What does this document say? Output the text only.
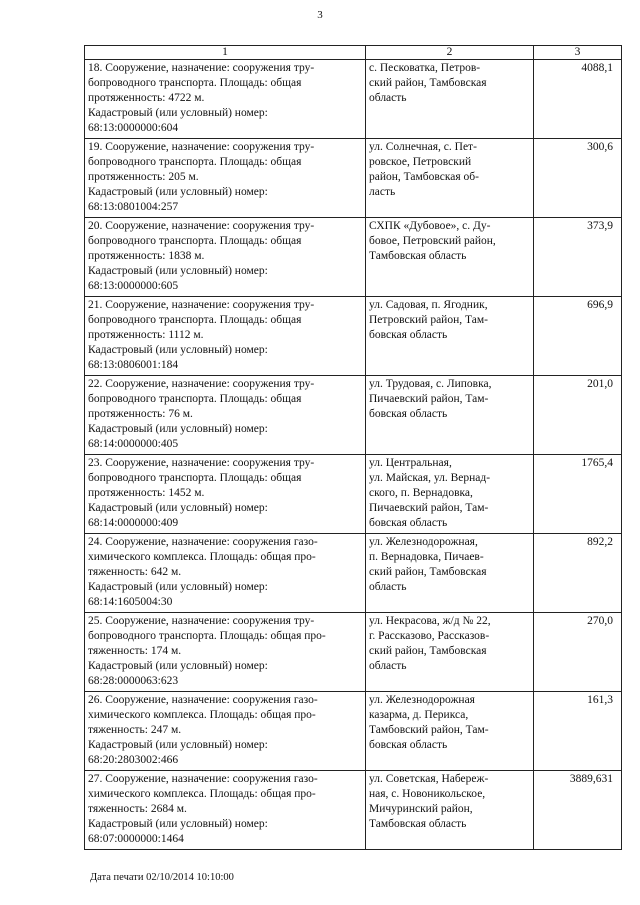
3
1	2	3

18. Сооружение, назначение: сооружения тру-
бопроводного транспорта. Площадь: общая
протяженность: 4722 м.
Кадастровый (или условный) номер:
68:13:0000000:604	с. Песковатка, Петров-
ский район, Тамбовская
область	4088,1

19. Сооружение, назначение: сооружения тру-
бопроводного транспорта. Площадь: общая
протяженность: 205 м.
Кадастровый (или условный) номер:
68:13:0801004:257	ул. Солнечная, с. Пет-
ровское, Петровский
район, Тамбовская об-
ласть	300,6

20. Сооружение, назначение: сооружения тру-
бопроводного транспорта. Площадь: общая
протяженность: 1838 м.
Кадастровый (или условный) номер:
68:13:0000000:605	СХПК «Дубовое», с. Ду-
бовое, Петровский район,
Тамбовская область	373,9

21. Сооружение, назначение: сооружения тру-
бопроводного транспорта. Площадь: общая
протяженность: 1112 м.
Кадастровый (или условный) номер:
68:13:0806001:184	ул. Садовая, п. Ягодник,
Петровский район, Там-
бовская область	696,9

22. Сооружение, назначение: сооружения тру-
бопроводного транспорта. Площадь: общая
протяженность: 76 м.
Кадастровый (или условный) номер:
68:14:0000000:405	ул. Трудовая, с. Липовка,
Пичаевский район, Там-
бовская область	201,0

23. Сооружение, назначение: сооружения тру-
бопроводного транспорта. Площадь: общая
протяженность: 1452 м.
Кадастровый (или условный) номер:
68:14:0000000:409	ул. Центральная,
ул. Майская, ул. Вернад-
ского, п. Вернадовка,
Пичаевский район, Там-
бовская область	1765,4

24. Сооружение, назначение: сооружения газо-
химического комплекса. Площадь: общая про-
тяженность: 642 м.
Кадастровый (или условный) номер:
68:14:1605004:30	ул. Железнодорожная,
п. Вернадовка, Пичаев-
ский район, Тамбовская
область	892,2

25. Сооружение, назначение: сооружения тру-
бопроводного транспорта. Площадь: общая про-
тяженность: 174 м.
Кадастровый (или условный) номер:
68:28:0000063:623	ул. Некрасова, ж/д № 22,
г. Рассказово, Рассказов-
ский район, Тамбовская
область	270,0

26. Сооружение, назначение: сооружения газо-
химического комплекса. Площадь: общая про-
тяженность: 247 м.
Кадастровый (или условный) номер:
68:20:2803002:466	ул. Железнодорожная
казарма, д. Перикса,
Тамбовский район, Там-
бовская область	161,3

27. Сооружение, назначение: сооружения газо-
химического комплекса. Площадь: общая про-
тяженность: 2684 м.
Кадастровый (или условный) номер:
68:07:0000000:1464	ул. Советская, Набереж-
ная, с. Новоникольское,
Мичуринский район,
Тамбовская область	3889,631
Дата печати 02/10/2014 10:10:00
